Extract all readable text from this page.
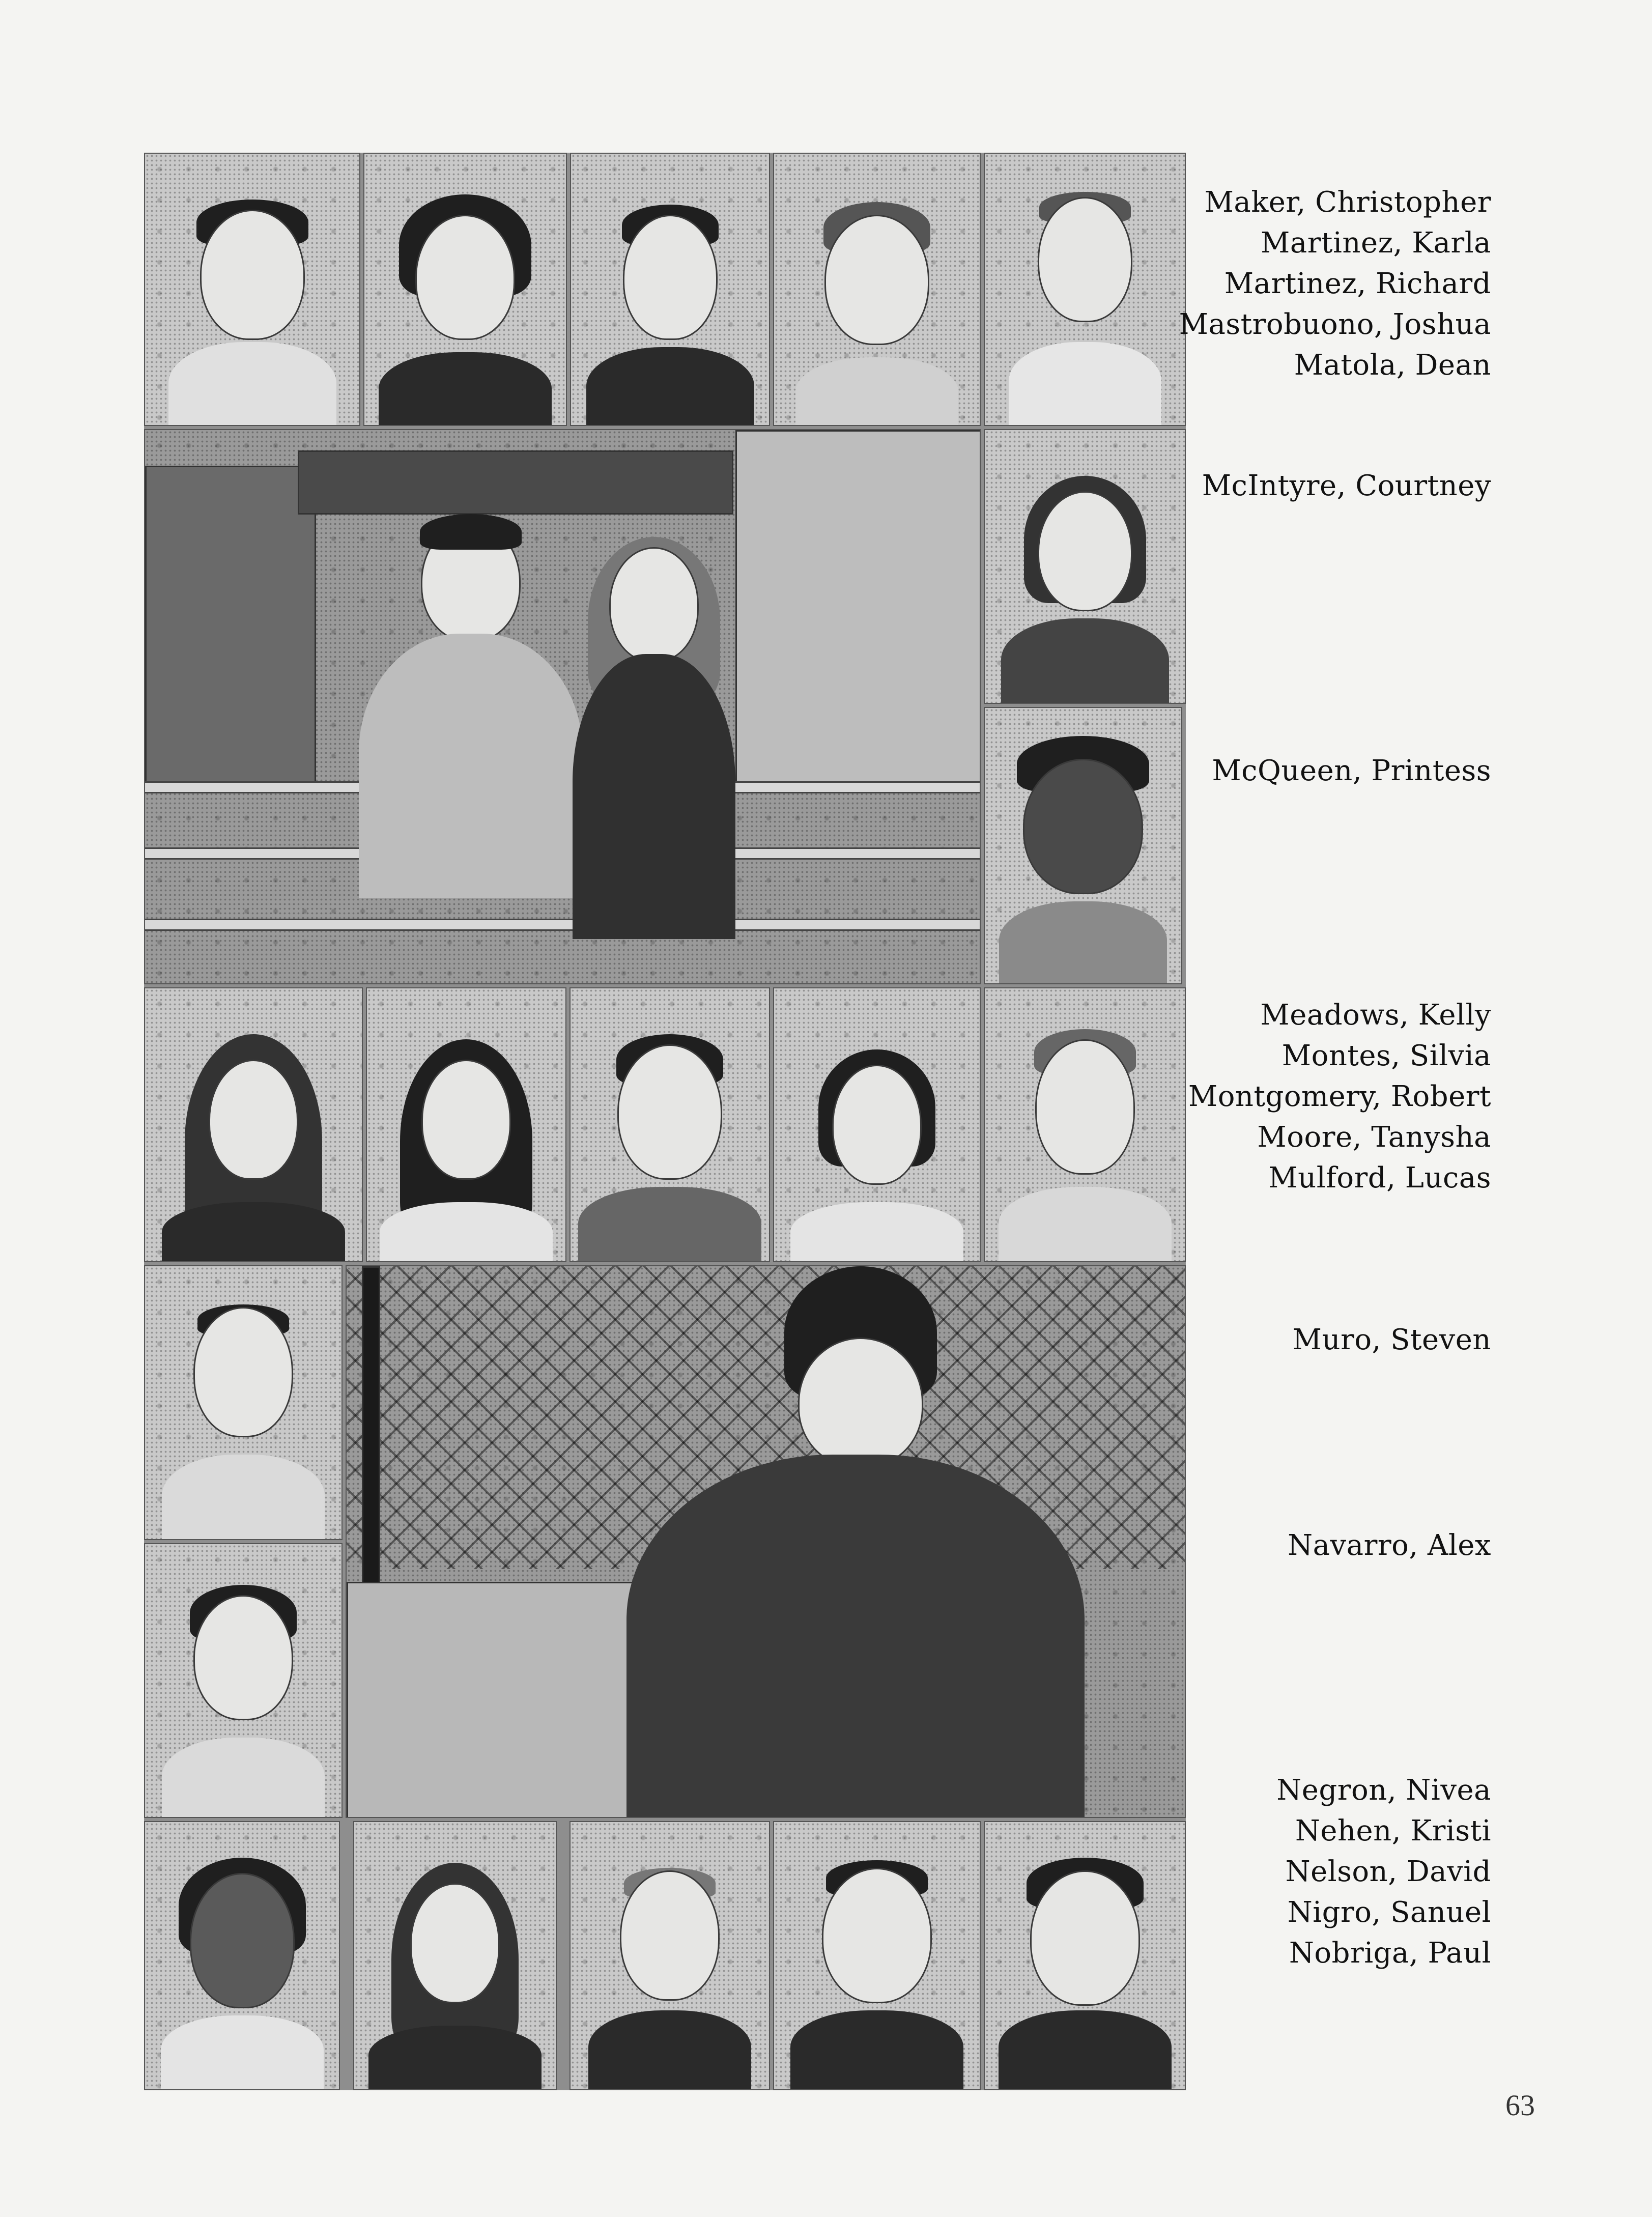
Maker, Christopher
Martinez, Karla
Martinez, Richard
Mastrobuono, Joshua
Matola, Dean
McIntyre, Courtney
McQueen, Printess
Meadows, Kelly
Montes, Silvia
Montgomery, Robert
Moore, Tanysha
Mulford, Lucas
Muro, Steven
Navarro, Alex
Negron, Nivea
Nehen, Kristi
Nelson, David
Nigro, Sanuel
Nobriga, Paul
63
